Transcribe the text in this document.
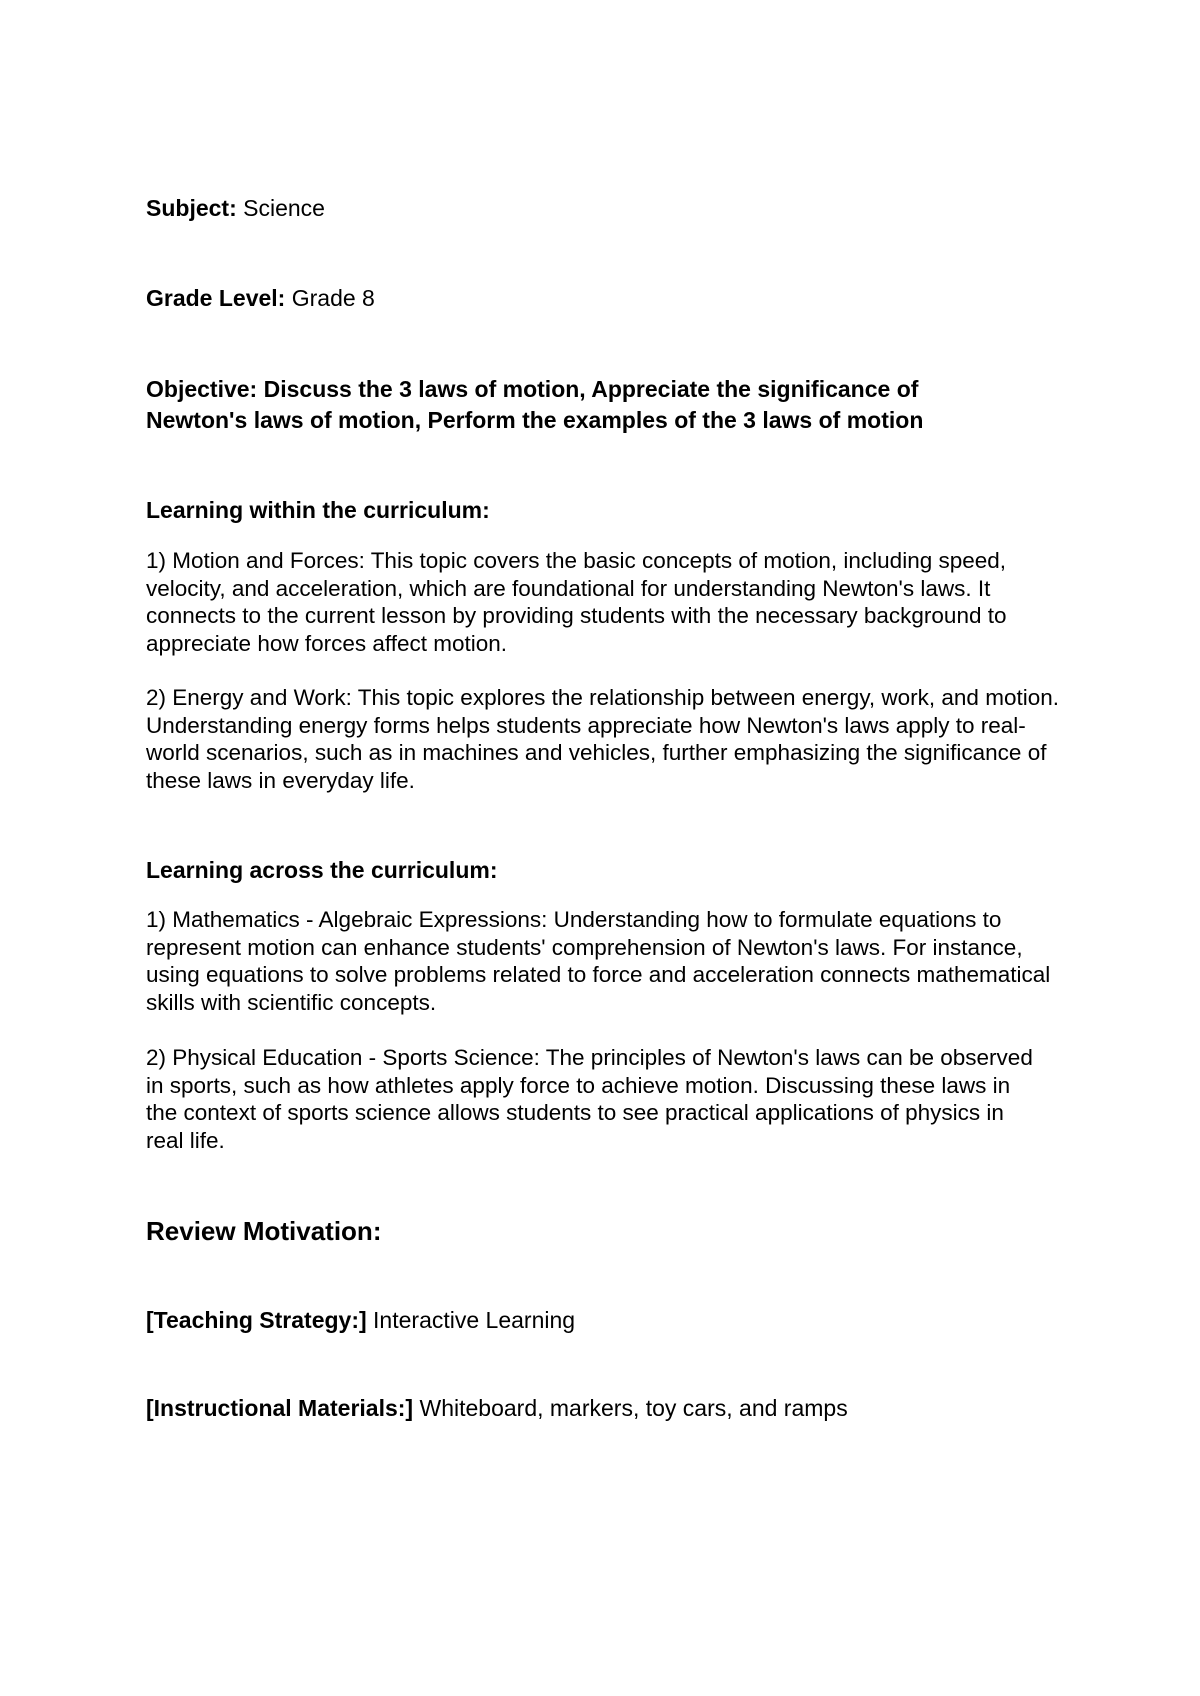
Subject: Science
Grade Level: Grade 8
Objective: Discuss the 3 laws of motion, Appreciate the significance of Newton's laws of motion, Perform the examples of the 3 laws of motion
Learning within the curriculum:
1) Motion and Forces: This topic covers the basic concepts of motion, including speed, velocity, and acceleration, which are foundational for understanding Newton's laws. It connects to the current lesson by providing students with the necessary background to appreciate how forces affect motion.
2) Energy and Work: This topic explores the relationship between energy, work, and motion. Understanding energy forms helps students appreciate how Newton's laws apply to real-world scenarios, such as in machines and vehicles, further emphasizing the significance of these laws in everyday life.
Learning across the curriculum:
1) Mathematics - Algebraic Expressions: Understanding how to formulate equations to represent motion can enhance students' comprehension of Newton's laws. For instance, using equations to solve problems related to force and acceleration connects mathematical skills with scientific concepts.
2) Physical Education - Sports Science: The principles of Newton's laws can be observed in sports, such as how athletes apply force to achieve motion. Discussing these laws in the context of sports science allows students to see practical applications of physics in real life.
Review Motivation:
[Teaching Strategy:] Interactive Learning
[Instructional Materials:] Whiteboard, markers, toy cars, and ramps
